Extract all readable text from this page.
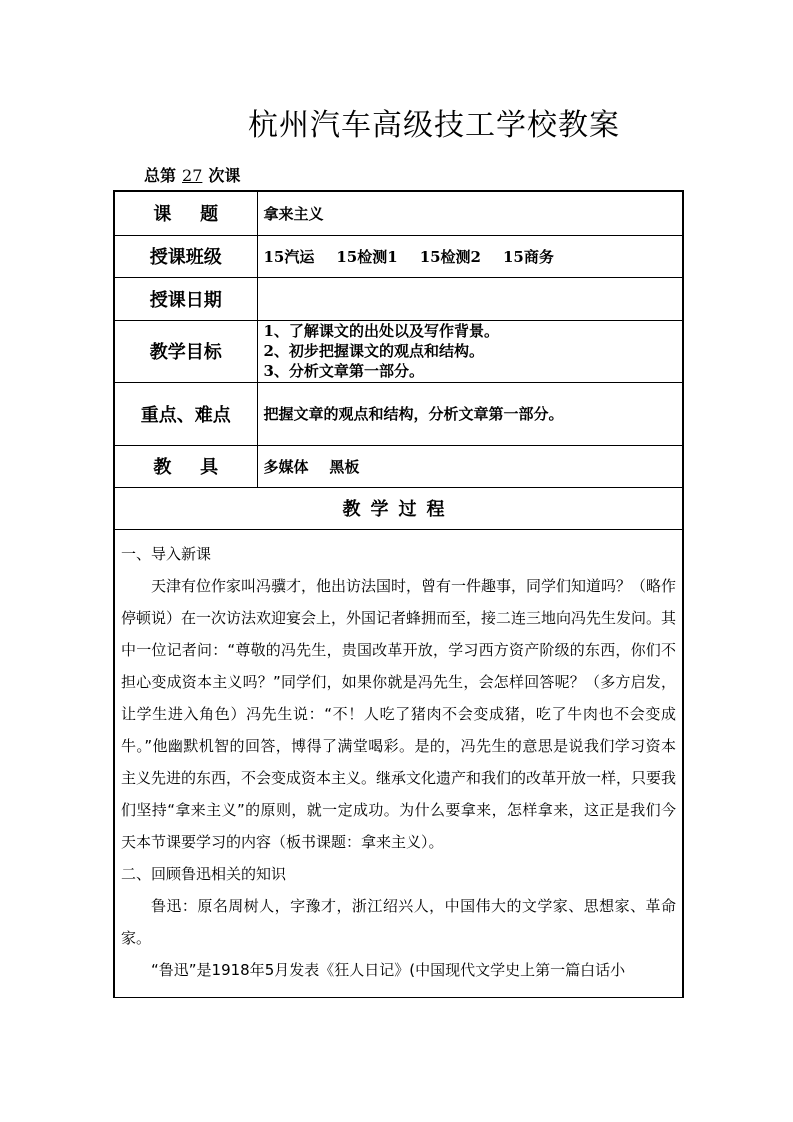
杭州汽车高级技工学校教案
总第 27 次课
课题	拿来主义
授课班级	15汽运 15检测1 15检测2 15商务
授课日期	
教学目标	1、了解课文的出处以及写作背景。
2、初步把握课文的观点和结构。
3、分析文章第一部分。

重点、难点	把握文章的观点和结构，分析文章第一部分。
教具	多媒体    黑板
教学过程	

一、导入新课

天津有位作家叫冯骥才，他出访法国时，曾有一件趣事，同学们知道吗？（略作停顿说）在一次访法欢迎宴会上，外国记者蜂拥而至，接二连三地向冯先生发问。其中一位记者问：“尊敬的冯先生，贵国改革开放，学习西方资产阶级的东西，你们不担心变成资本主义吗？”同学们，如果你就是冯先生，会怎样回答呢？（多方启发，让学生进入角色）冯先生说：“不！人吃了猪肉不会变成猪，吃了牛肉也不会变成牛。”他幽默机智的回答，博得了满堂喝彩。是的，冯先生的意思是说我们学习资本主义先进的东西，不会变成资本主义。继承文化遗产和我们的改革开放一样，只要我们坚持“拿来主义”的原则，就一定成功。为什么要拿来，怎样拿来，这正是我们今天本节课要学习的内容（板书课题：拿来主义）。

二、回顾鲁迅相关的知识

鲁迅：原名周树人，字豫才，浙江绍兴人，中国伟大的文学家、思想家、革命家。

“鲁迅”是1918年5月发表《狂人日记》(中国现代文学史上第一篇白话小	
